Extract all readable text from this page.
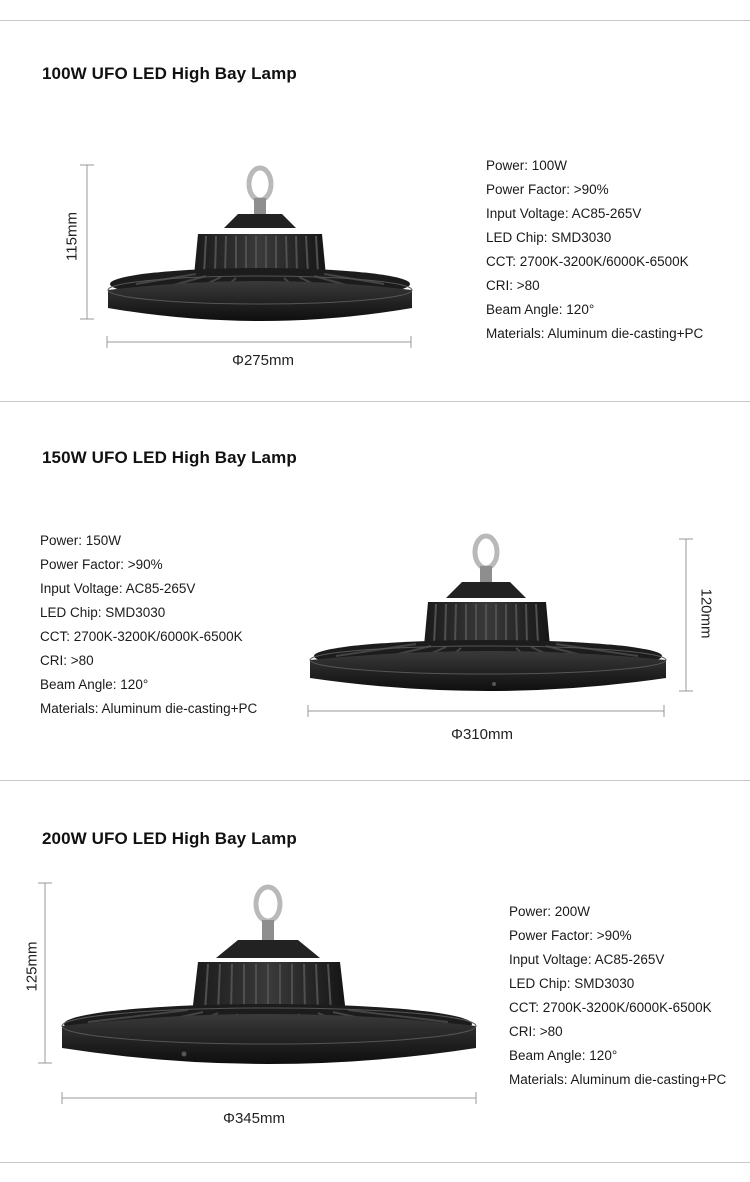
100W UFO LED High Bay Lamp
115mm
Φ275mm
Power: 100W
Power Factor: >90%
Input Voltage: AC85-265V
LED Chip: SMD3030
CCT: 2700K-3200K/6000K-6500K
CRI: >80
Beam Angle: 120°
Materials: Aluminum die-casting+PC
150W UFO LED High Bay Lamp
Power: 150W
Power Factor: >90%
Input Voltage: AC85-265V
LED Chip: SMD3030
CCT: 2700K-3200K/6000K-6500K
CRI: >80
Beam Angle: 120°
Materials: Aluminum die-casting+PC
120mm
Φ310mm
200W UFO LED High Bay Lamp
125mm
Φ345mm
Power: 200W
Power Factor: >90%
Input Voltage: AC85-265V
LED Chip: SMD3030
CCT: 2700K-3200K/6000K-6500K
CRI: >80
Beam Angle: 120°
Materials: Aluminum die-casting+PC
